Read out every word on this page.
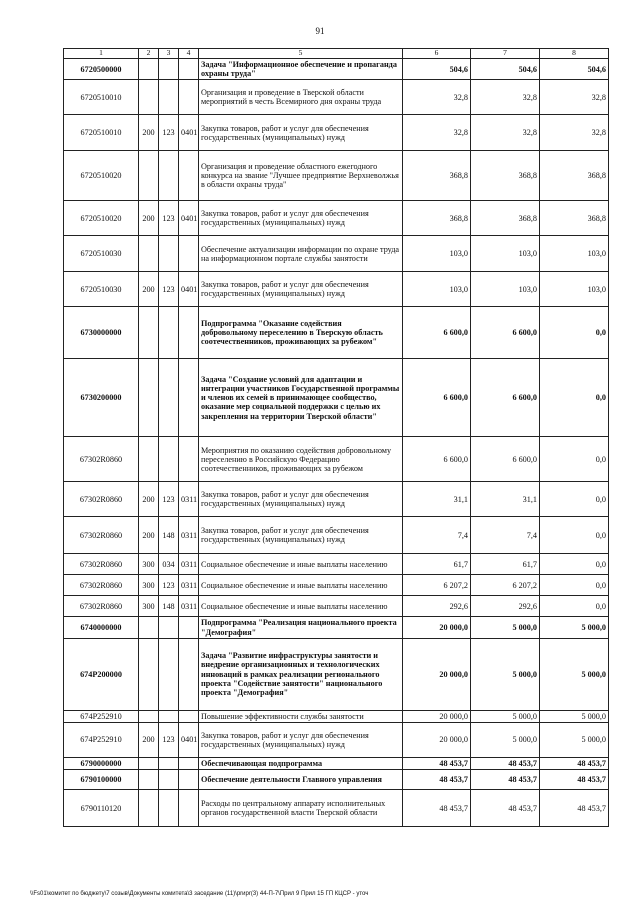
91
1	2	3	4	5	6	7	8
6720500000				Задача "Информационное обеспечение и пропаганда охраны труда"	504,6	504,6	504,6
6720510010				Организация и проведение в Тверской области мероприятий в честь Всемирного дня охраны труда	32,8	32,8	32,8
6720510010	200	123	0401	Закупка товаров, работ и услуг для обеспечения государственных (муниципальных) нужд	32,8	32,8	32,8
6720510020				Организация и проведение областного ежегодного конкурса на звание "Лучшее предприятие Верхневолжья в области охраны труда"	368,8	368,8	368,8
6720510020	200	123	0401	Закупка товаров, работ и услуг для обеспечения государственных (муниципальных) нужд	368,8	368,8	368,8
6720510030				Обеспечение актуализации информации по охране труда на информационном портале службы занятости	103,0	103,0	103,0
6720510030	200	123	0401	Закупка товаров, работ и услуг для обеспечения государственных (муниципальных) нужд	103,0	103,0	103,0
6730000000				Подпрограмма "Оказание содействия добровольному переселению в Тверскую область соотечественников, проживающих за рубежом"	6 600,0	6 600,0	0,0
6730200000				Задача "Создание условий для адаптации и интеграции участников Государственной программы и членов их семей в принимающее сообщество, оказание мер социальной поддержки с целью их закрепления на территории Тверской области"	6 600,0	6 600,0	0,0
67302R0860				Мероприятия по оказанию содействия добровольному переселению в Российскую Федерацию соотечественников, проживающих за рубежом	6 600,0	6 600,0	0,0
67302R0860	200	123	0311	Закупка товаров, работ и услуг для обеспечения государственных (муниципальных) нужд	31,1	31,1	0,0
67302R0860	200	148	0311	Закупка товаров, работ и услуг для обеспечения государственных (муниципальных) нужд	7,4	7,4	0,0
67302R0860	300	034	0311	Социальное обеспечение и иные выплаты населению	61,7	61,7	0,0
67302R0860	300	123	0311	Социальное обеспечение и иные выплаты населению	6 207,2	6 207,2	0,0
67302R0860	300	148	0311	Социальное обеспечение и иные выплаты населению	292,6	292,6	0,0
6740000000				Подпрограмма "Реализация национального проекта "Демография"	20 000,0	5 000,0	5 000,0
674P200000				Задача "Развитие инфраструктуры занятости и внедрение организационных и технологических инноваций в рамках реализации регионального проекта "Содействие занятости" национального проекта "Демография"	20 000,0	5 000,0	5 000,0
674P252910				Повышение эффективности службы занятости	20 000,0	5 000,0	5 000,0
674P252910	200	123	0401	Закупка товаров, работ и услуг для обеспечения государственных (муниципальных) нужд	20 000,0	5 000,0	5 000,0
6790000000				Обеспечивающая подпрограмма	48 453,7	48 453,7	48 453,7
6790100000				Обеспечение деятельности Главного управления	48 453,7	48 453,7	48 453,7
6790110120				Расходы по центральному аппарату исполнительных органов государственной власти Тверской области	48 453,7	48 453,7	48 453,7
\\Fs01\комитет по бюджету\7 созыв\Документы комитета\3 заседание (11)\prиpr(3) 44-П-7\Прил 9 Прил 15 ГП КЦСР - уточ
